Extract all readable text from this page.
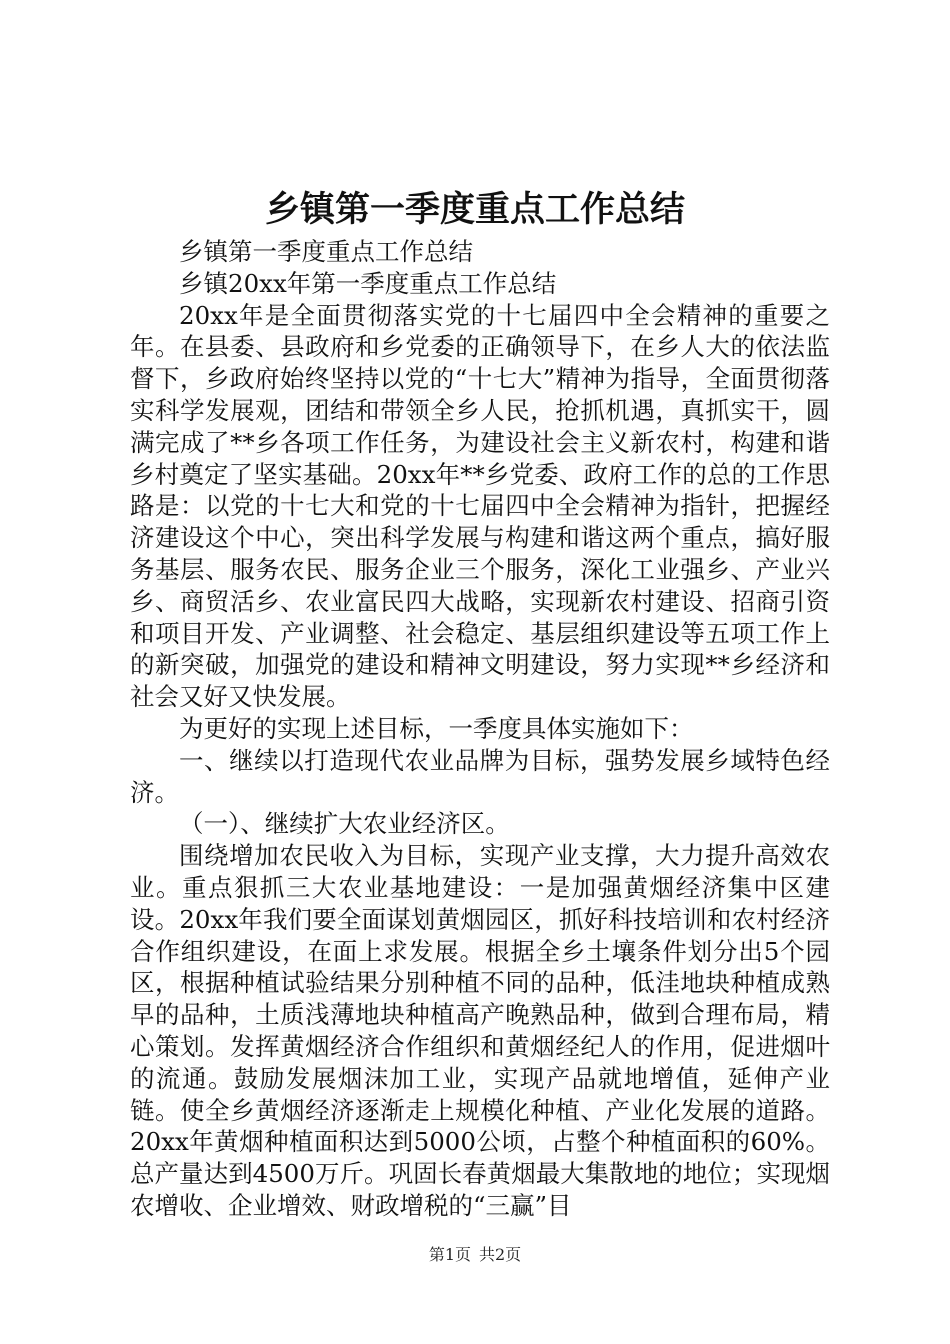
乡镇第一季度重点工作总结

乡镇第一季度重点工作总结

乡镇20xx年第一季度重点工作总结

20xx年是全面贯彻落实党的十七届四中全会精神的重要之年。在县委、县政府和乡党委的正确领导下，在乡人大的依法监督下，乡政府始终坚持以党的“十七大”精神为指导，全面贯彻落实科学发展观，团结和带领全乡人民，抢抓机遇，真抓实干，圆满完成了**乡各项工作任务，为建设社会主义新农村，构建和谐乡村奠定了坚实基础。20xx年**乡党委、政府工作的总的工作思路是：以党的十七大和党的十七届四中全会精神为指针，把握经济建设这个中心，突出科学发展与构建和谐这两个重点，搞好服务基层、服务农民、服务企业三个服务，深化工业强乡、产业兴乡、商贸活乡、农业富民四大战略，实现新农村建设、招商引资和项目开发、产业调整、社会稳定、基层组织建设等五项工作上的新突破，加强党的建设和精神文明建设，努力实现**乡经济和社会又好又快发展。

为更好的实现上述目标，一季度具体实施如下：

一、继续以打造现代农业品牌为目标，强势发展乡域特色经济。

（一）、继续扩大农业经济区。

围绕增加农民收入为目标，实现产业支撑，大力提升高效农业。重点狠抓三大农业基地建设：一是加强黄烟经济集中区建设。20xx年我们要全面谋划黄烟园区，抓好科技培训和农村经济合作组织建设，在面上求发展。根据全乡土壤条件划分出5个园区，根据种植试验结果分别种植不同的品种，低洼地块种植成熟早的品种，土质浅薄地块种植高产晚熟品种，做到合理布局，精心策划。发挥黄烟经济合作组织和黄烟经纪人的作用，促进烟叶的流通。鼓励发展烟沫加工业，实现产品就地增值，延伸产业链。使全乡黄烟经济逐渐走上规模化种植、产业化发展的道路。20xx年黄烟种植面积达到5000公顷，占整个种植面积的60%。总产量达到4500万斤。巩固长春黄烟最大集散地的地位；实现烟农增收、企业增效、财政增税的“三赢”目

第1页 共2页
